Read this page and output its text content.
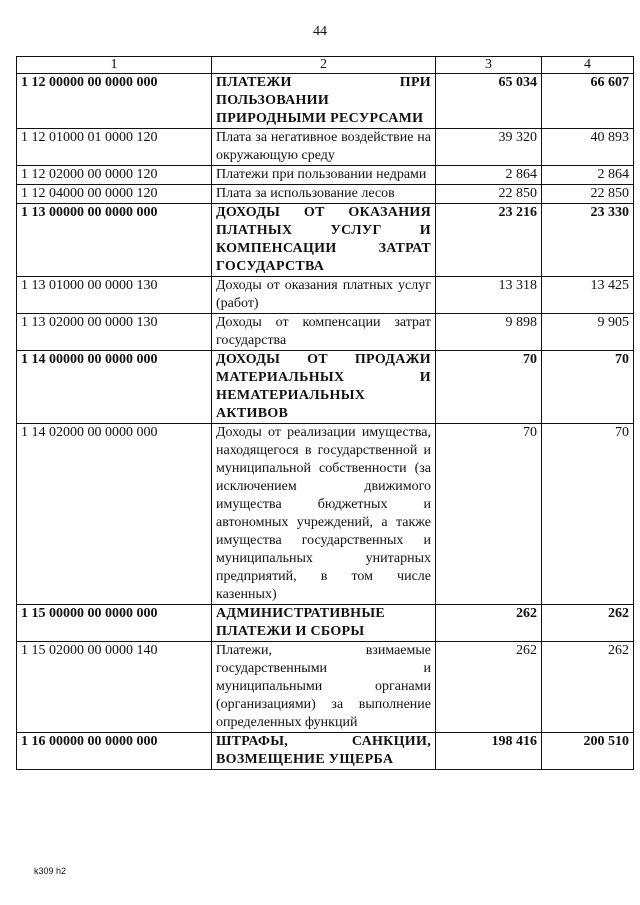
44
1	2	3	4
1 12 00000 00 0000 000	ПЛАТЕЖИ ПРИ ПОЛЬЗОВАНИИ ПРИРОДНЫМИ РЕСУРСАМИ	65 034	66 607
1 12 01000 01 0000 120	Плата за негативное воздействие на окружающую среду	39 320	40 893
1 12 02000 00 0000 120	Платежи при пользовании недрами	2 864	2 864
1 12 04000 00 0000 120	Плата за использование лесов	22 850	22 850
1 13 00000 00 0000 000	ДОХОДЫ ОТ ОКАЗАНИЯ ПЛАТНЫХ УСЛУГ И КОМПЕНСАЦИИ ЗАТРАТ ГОСУДАРСТВА	23 216	23 330
1 13 01000 00 0000 130	Доходы от оказания платных услуг (работ)	13 318	13 425
1 13 02000 00 0000 130	Доходы от компенсации затрат государства	9 898	9 905
1 14 00000 00 0000 000	ДОХОДЫ ОТ ПРОДАЖИ МАТЕРИАЛЬНЫХ И НЕМАТЕРИАЛЬНЫХ АКТИВОВ	70	70
1 14 02000 00 0000 000	Доходы от реализации имущества, находящегося в государственной и муниципальной собственности (за исключением движимого имущества бюджетных и автономных учреждений, а также имущества государственных и муниципальных унитарных предприятий, в том числе казенных)	70	70
1 15 00000 00 0000 000	АДМИНИСТРАТИВНЫЕ ПЛАТЕЖИ И СБОРЫ	262	262
1 15 02000 00 0000 140	Платежи, взимаемые государственными и муниципальными органами (организациями) за выполнение определенных функций	262	262
1 16 00000 00 0000 000	ШТРАФЫ, САНКЦИИ, ВОЗМЕЩЕНИЕ УЩЕРБА	198 416	200 510
k309 h2
